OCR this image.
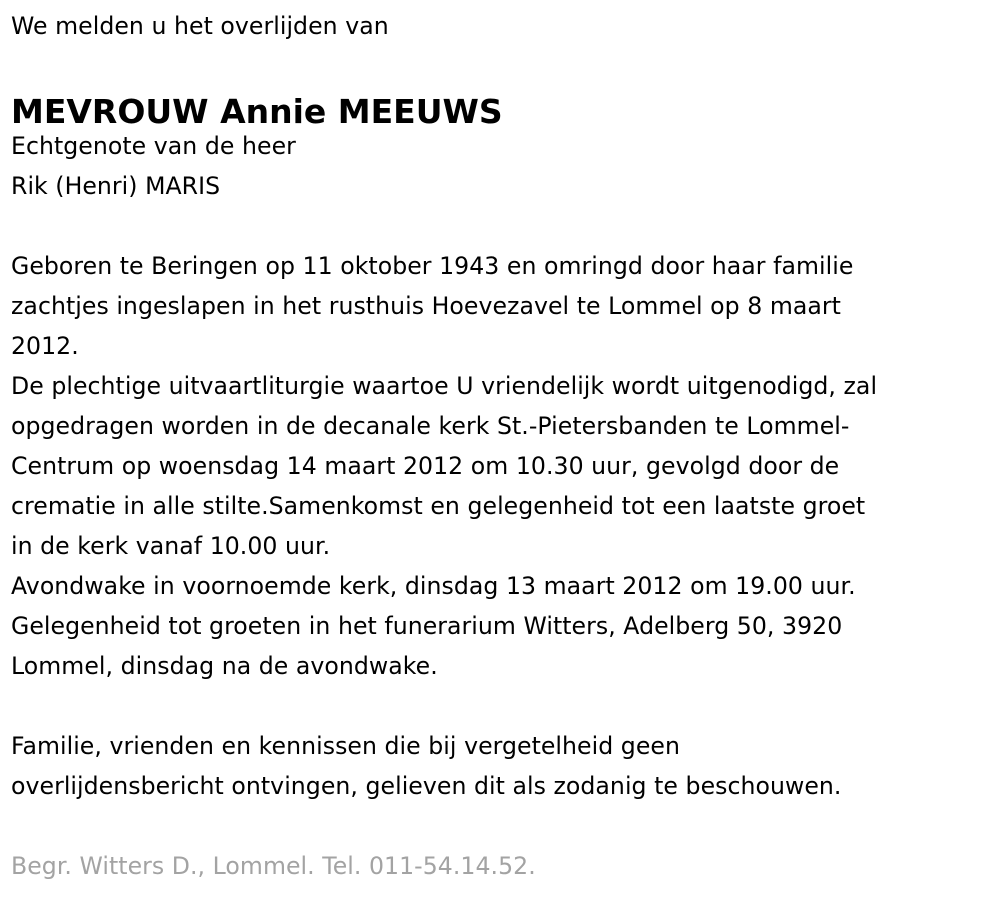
We melden u het overlijden van
MEVROUW Annie MEEUWS
Echtgenote van de heer
Rik (Henri) MARIS
Geboren te Beringen op 11 oktober 1943 en omringd door haar familie
zachtjes ingeslapen in het rusthuis Hoevezavel te Lommel op 8 maart
2012.
De plechtige uitvaartliturgie waartoe U vriendelijk wordt uitgenodigd, zal
opgedragen worden in de decanale kerk St.-Pietersbanden te Lommel-
Centrum op woensdag 14 maart 2012 om 10.30 uur, gevolgd door de
crematie in alle stilte.Samenkomst en gelegenheid tot een laatste groet
in de kerk vanaf 10.00 uur.
Avondwake in voornoemde kerk, dinsdag 13 maart 2012 om 19.00 uur.
Gelegenheid tot groeten in het funerarium Witters, Adelberg 50, 3920
Lommel, dinsdag na de avondwake.
Familie, vrienden en kennissen die bij vergetelheid geen
overlijdensbericht ontvingen, gelieven dit als zodanig te beschouwen.
Begr. Witters D., Lommel. Tel. 011-54.14.52.
